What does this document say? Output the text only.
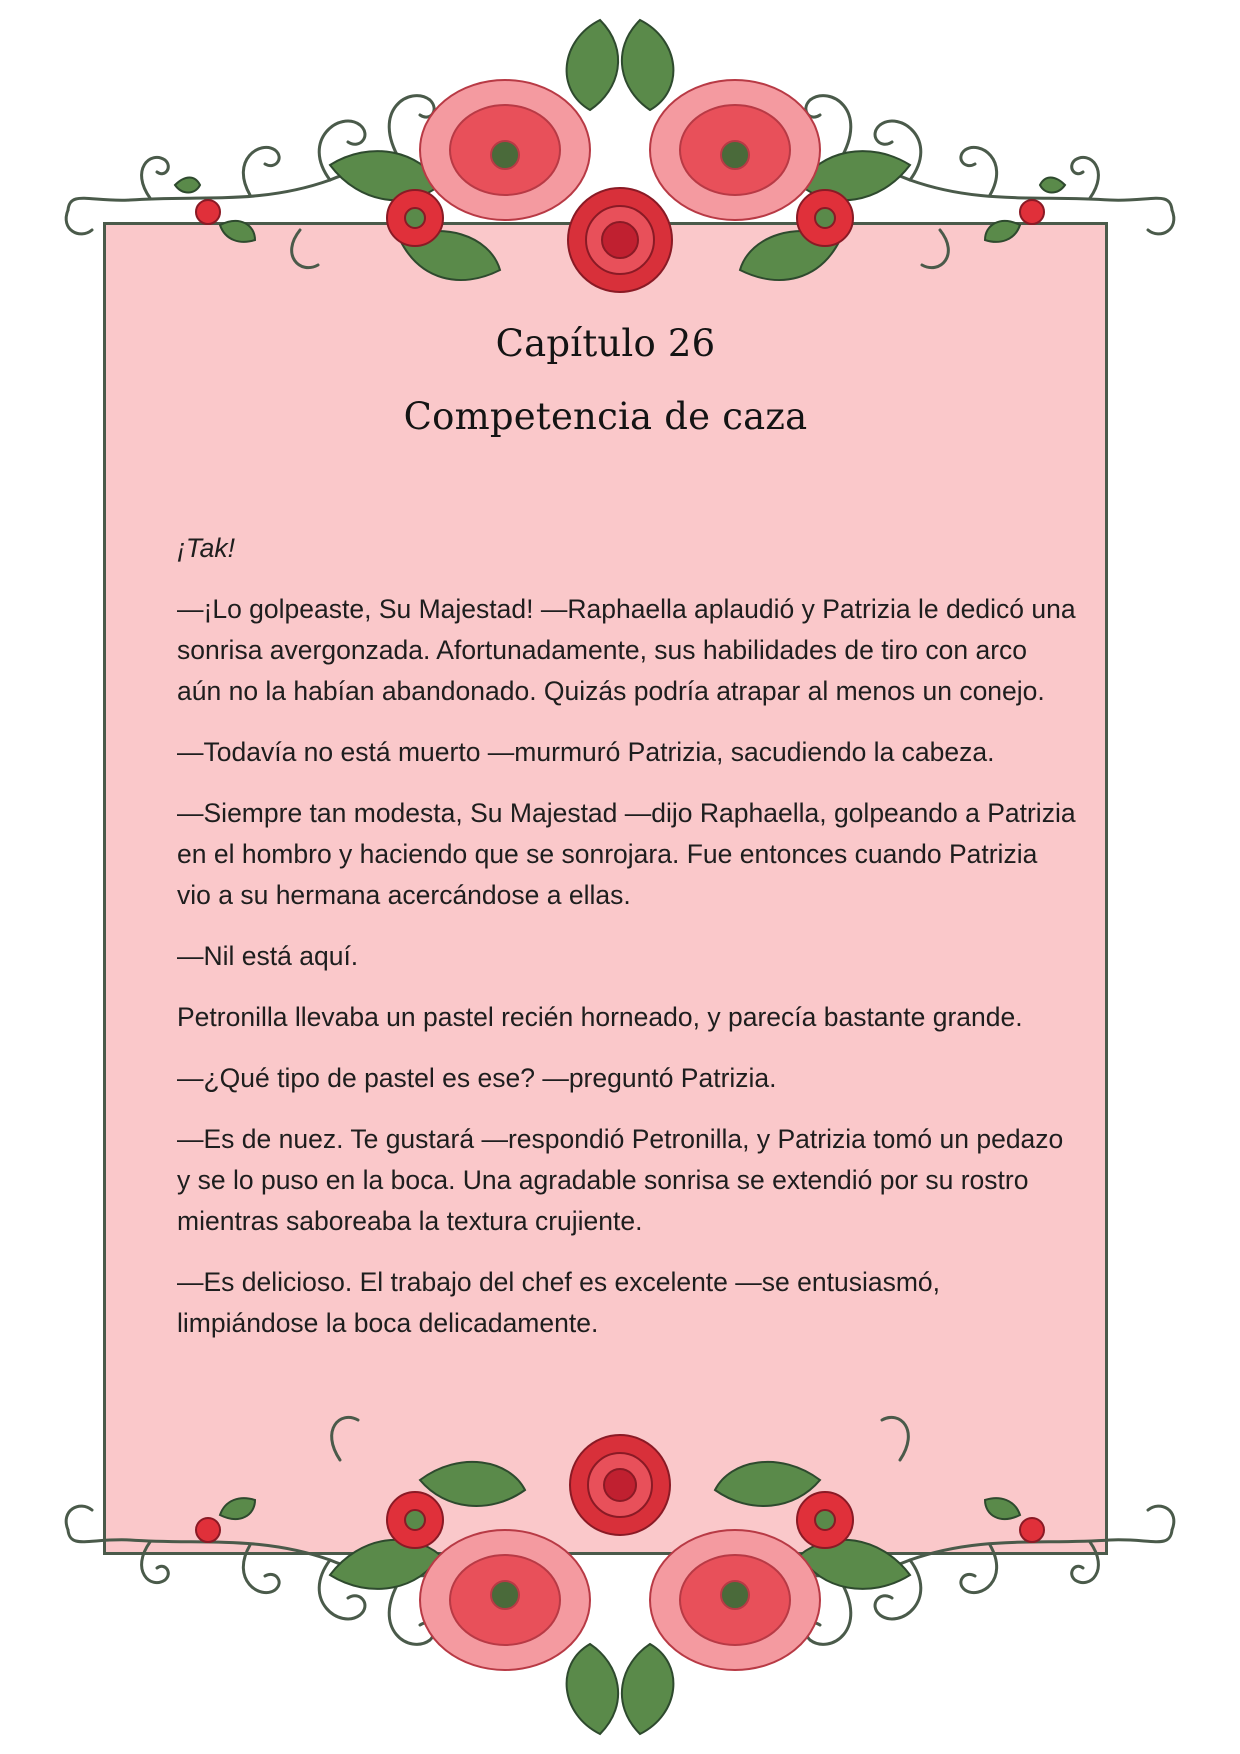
Capítulo 26
Competencia de caza

¡Tak!

—¡Lo golpeaste, Su Majestad! —Raphaella aplaudió y Patrizia le dedicó una sonrisa avergonzada. Afortunadamente, sus habilidades de tiro con arco aún no la habían abandonado. Quizás podría atrapar al menos un conejo.

—Todavía no está muerto —murmuró Patrizia, sacudiendo la cabeza.

—Siempre tan modesta, Su Majestad —dijo Raphaella, golpeando a Patrizia en el hombro y haciendo que se sonrojara. Fue entonces cuando Patrizia vio a su hermana acercándose a ellas.

—Nil está aquí.

Petronilla llevaba un pastel recién horneado, y parecía bastante grande.

—¿Qué tipo de pastel es ese? —preguntó Patrizia.

—Es de nuez. Te gustará —respondió Petronilla, y Patrizia tomó un pedazo y se lo puso en la boca. Una agradable sonrisa se extendió por su rostro mientras saboreaba la textura crujiente.

—Es delicioso. El trabajo del chef es excelente —se entusiasmó, limpiándose la boca delicadamente.
